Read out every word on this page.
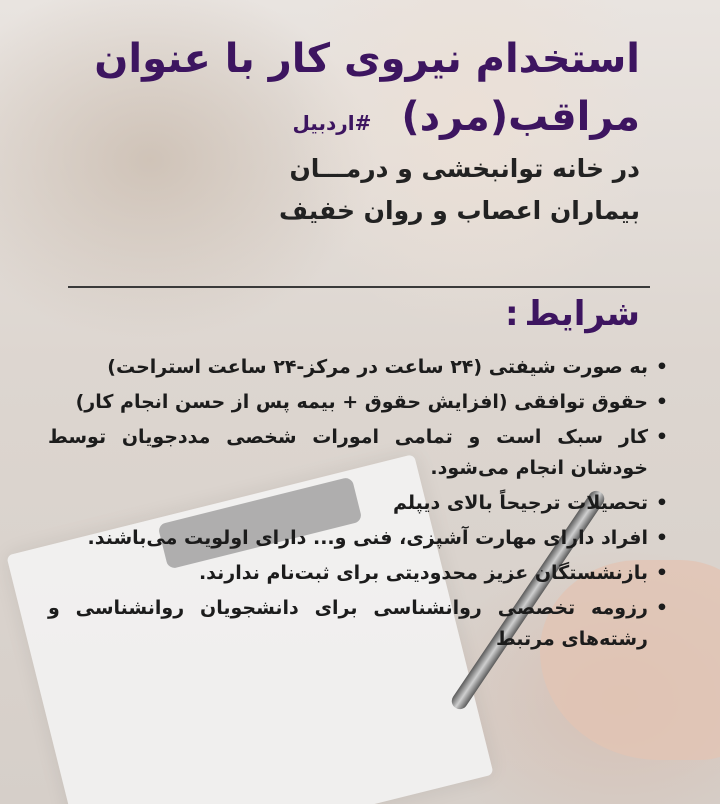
استخدام نیروی کار با عنوان
مراقب(مرد)
#اردبیل
در خانه توانبخشی و درمـــان
بیماران اعصاب و روان خفیف
شرایط:
• به صورت شیفتی (۲۴ ساعت در مرکز-۲۴ ساعت استراحت)
• حقوق توافقی (افزایش حقوق + بیمه پس از حسن انجام کار)
• کار سبک است و تمامی امورات شخصی مددجویان توسط خودشان انجام می‌شود.
• تحصیلات ترجیحاً بالای دیپلم
• افراد دارای مهارت آشپزی، فنی و... دارای اولویت می‌باشند.
• بازنشستگان عزیز محدودیتی برای ثبت‌نام ندارند.
• رزومه تخصصی روانشناسی برای دانشجویان روانشناسی و رشته‌های مرتبط
